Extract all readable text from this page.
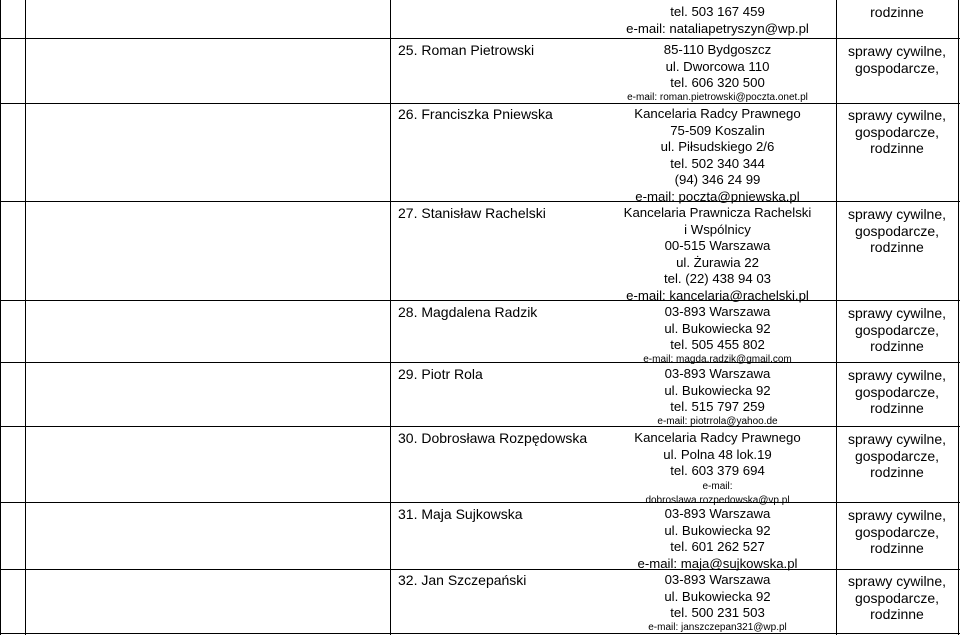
tel. 503 167 459
e-mail: nataliapetryszyn@wp.pl
rodzinne
25. Roman Pietrowski	85-110 Bydgoszcz
ul. Dworcowa 110
tel. 606 320 500
e-mail: roman.pietrowski@poczta.onet.pl
sprawy cywilne,
gospodarcze,
26. Franciszka Pniewska	Kancelaria Radcy Prawnego
75-509 Koszalin
ul. Piłsudskiego 2/6
tel. 502 340 344
(94) 346 24 99
e-mail: poczta@pniewska.pl
sprawy cywilne,
gospodarcze,
rodzinne
27. Stanisław Rachelski	Kancelaria Prawnicza Rachelski
i Wspólnicy
00-515 Warszawa
ul. Żurawia 22
tel. (22) 438 94 03
e-mail: kancelaria@rachelski.pl
sprawy cywilne,
gospodarcze,
rodzinne
28. Magdalena Radzik	03-893 Warszawa
ul. Bukowiecka 92
tel. 505 455 802
e-mail: magda.radzik@gmail.com
sprawy cywilne,
gospodarcze,
rodzinne
29. Piotr Rola	03-893 Warszawa
ul. Bukowiecka 92
tel. 515 797 259
e-mail: piotrrola@yahoo.de
sprawy cywilne,
gospodarcze,
rodzinne
30. Dobrosława Rozpędowska	Kancelaria Radcy Prawnego
ul. Polna 48 lok.19
tel. 603 379 694
e-mail:
dobroslawa.rozpedowska@vp.pl
sprawy cywilne,
gospodarcze,
rodzinne
31. Maja Sujkowska	03-893 Warszawa
ul. Bukowiecka 92
tel. 601 262 527
e-mail: maja@sujkowska.pl
sprawy cywilne,
gospodarcze,
rodzinne
32. Jan Szczepański	03-893 Warszawa
ul. Bukowiecka 92
tel. 500 231 503
e-mail: janszczepan321@wp.pl
sprawy cywilne,
gospodarcze,
rodzinne
